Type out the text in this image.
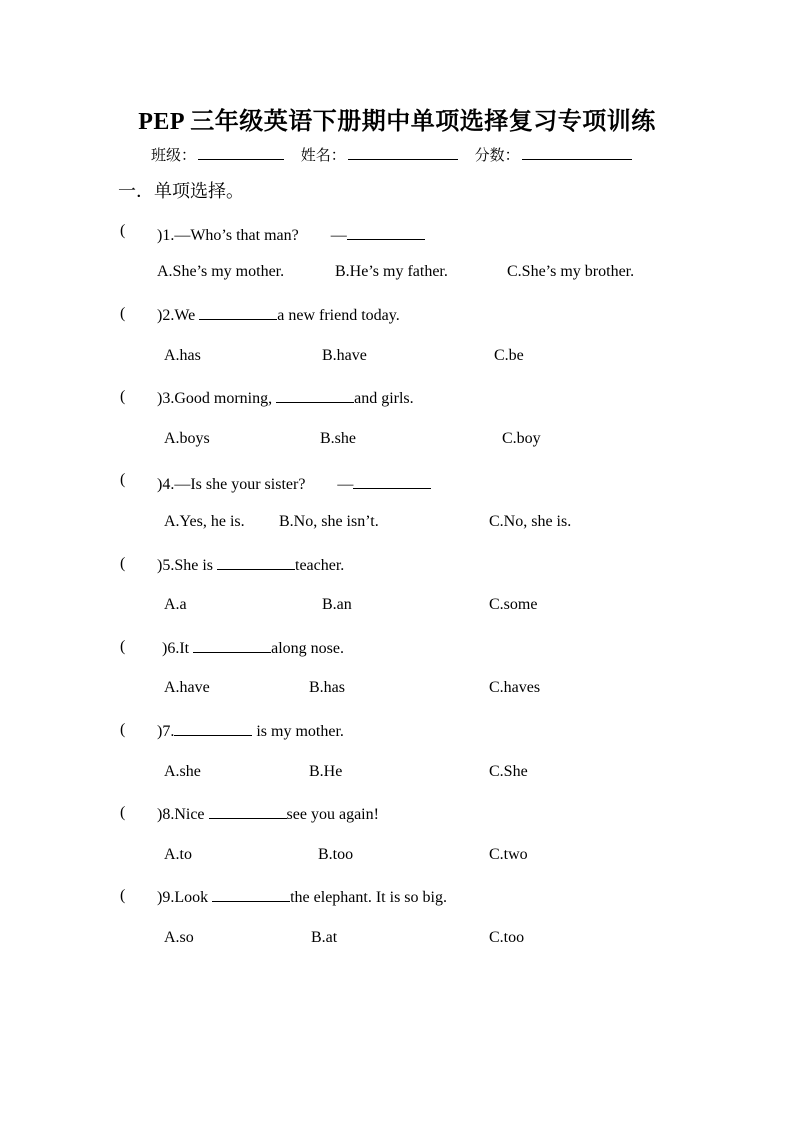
PEP 三年级英语下册期中单项选择复习专项训练
班级：	姓名：	分数：
一．单项选择。
( )1.—Who’s that man?　　—
A.She’s my mother.	B.He’s my father.	C.She’s my brother.
( )2.We	a new friend today.
A.has	B.have	C.be
( )3.Good morning,	and girls.
A.boys	B.she	C.boy
( )4.—Is she your sister?　　—
A.Yes, he is. B.No, she isn’t.	C.No, she is.
( )5.She is	teacher.
A.a	B.an	C.some
( )6.It	along nose.
A.have	B.has	C.haves
( )7.	is my mother.
A.she	B.He	C.She
( )8.Nice	see you again!
A.to	B.too	C.two
( )9.Look	the elephant. It is so big.
A.so	B.at	C.too
